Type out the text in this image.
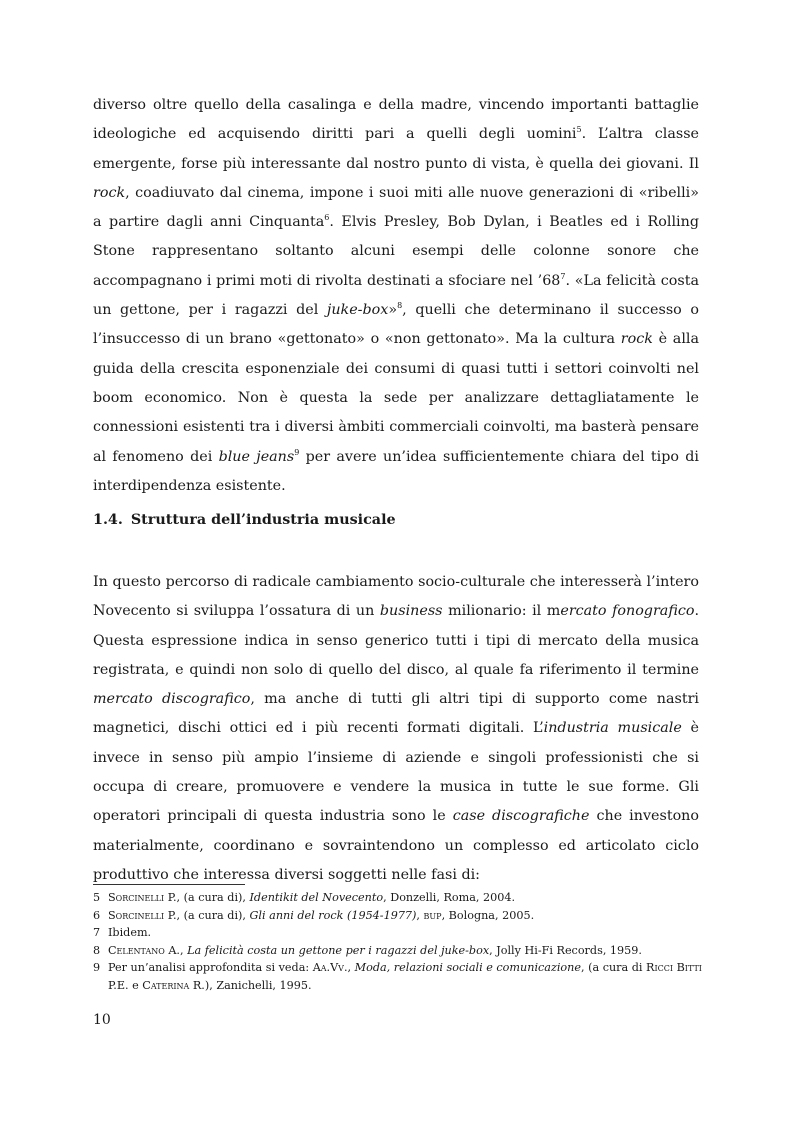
diverso oltre quello della casalinga e della madre, vincendo importanti battaglie ideologiche ed acquisendo diritti pari a quelli degli uomini$^5$. L’altra classe emergente, forse più interessante dal nostro punto di vista, è quella dei giovani. Il rock, coadiuvato dal cinema, impone i suoi miti alle nuove generazioni di «ribelli» a partire dagli anni Cinquanta$^6$. Elvis Presley, Bob Dylan, i Beatles ed i Rolling Stone rappresentano soltanto alcuni esempi delle colonne sonore che accompagnano i primi moti di rivolta destinati a sfociare nel $’68^7$. «La felicità costa un gettone, per i ragazzi del juke-box»$^8$, quelli che determinano il successo o l’insuccesso di un brano «gettonato» o «non gettonato». Ma la cultura rock è alla guida della crescita esponenziale dei consumi di quasi tutti i settori coinvolti nel boom economico. Non è questa la sede per analizzare dettagliatamente le connessioni esistenti tra i diversi àmbiti commerciali coinvolti, ma basterà pensare al fenomeno dei blue jeans$^9$ per avere un’idea sufficientemente chiara del tipo di interdipendenza esistente.

1.4. Struttura dell’industria musicale

In questo percorso di radicale cambiamento socio-culturale che interesserà l’intero Novecento si sviluppa l’ossatura di un business milionario: il mercato fonografico. Questa espressione indica in senso generico tutti i tipi di mercato della musica registrata, e quindi non solo di quello del disco, al quale fa riferimento il termine mercato discografico, ma anche di tutti gli altri tipi di supporto come nastri magnetici, dischi ottici ed i più recenti formati digitali. L’industria musicale è invece in senso più ampio l’insieme di aziende e singoli professionisti che si occupa di creare, promuovere e vendere la musica in tutte le sue forme. Gli operatori principali di questa industria sono le case discografiche che investono materialmente, coordinano e sovraintendono un complesso ed articolato ciclo produttivo che interessa diversi soggetti nelle fasi di:

5 Sorcinelli P., (a cura di), Identikit del Novecento, Donzelli, Roma, 2004.
6 Sorcinelli P., (a cura di), Gli anni del rock (1954-1977), bup, Bologna, 2005.
7 Ibidem.
8 Celentano A., La felicità costa un gettone per i ragazzi del juke-box, Jolly Hi-Fi Records, 1959.
9 Per un’analisi approfondita si veda: Aa.Vv., Moda, relazioni sociali e comunicazione, (a cura di Ricci Bitti P.E. e Caterina R.), Zanichelli, 1995.
10
